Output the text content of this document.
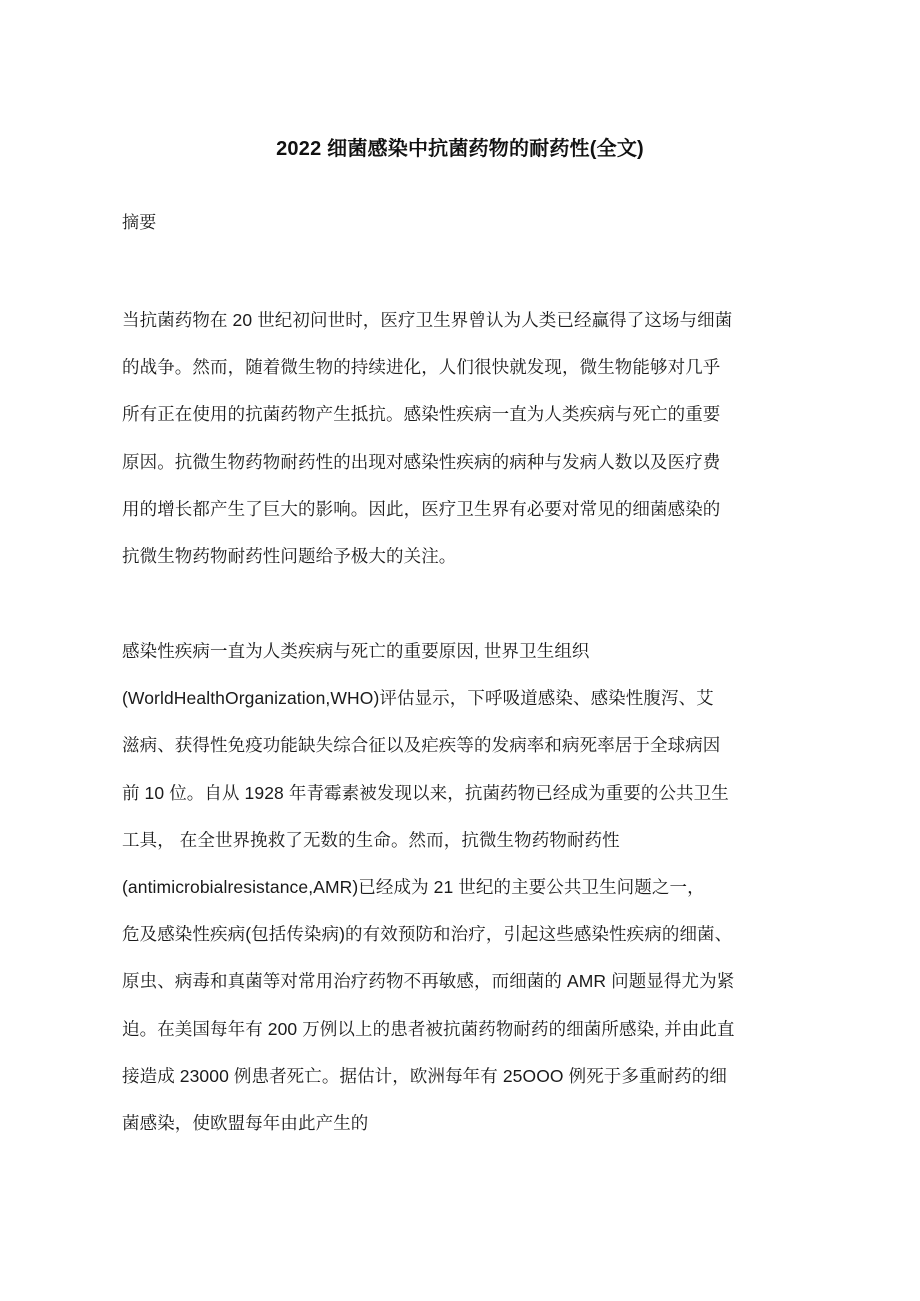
2022 细菌感染中抗菌药物的耐药性(全文)
摘要
当抗菌药物在 20 世纪初问世时，医疗卫生界曾认为人类已经赢得了这场与细菌
的战争。然而，随着微生物的持续进化，人们很快就发现，微生物能够对几乎
所有正在使用的抗菌药物产生抵抗。感染性疾病一直为人类疾病与死亡的重要
原因。抗微生物药物耐药性的出现对感染性疾病的病种与发病人数以及医疗费
用的增长都产生了巨大的影响。因此，医疗卫生界有必要对常见的细菌感染的
抗微生物药物耐药性问题给予极大的关注。
感染性疾病一直为人类疾病与死亡的重要原因, 世界卫生组织
(WorldHealthOrganization,WHO)评估显示，下呼吸道感染、感染性腹泻、艾
滋病、获得性免疫功能缺失综合征以及疟疾等的发病率和病死率居于全球病因
前 10 位。自从 1928 年青霉素被发现以来，抗菌药物已经成为重要的公共卫生
工具， 在全世界挽救了无数的生命。然而，抗微生物药物耐药性
(antimicrobialresistance,AMR)已经成为 21 世纪的主要公共卫生问题之一，
危及感染性疾病(包括传染病)的有效预防和治疗，引起这些感染性疾病的细菌、
原虫、病毒和真菌等对常用治疗药物不再敏感，而细菌的 AMR 问题显得尤为紧
迫。在美国每年有 200 万例以上的患者被抗菌药物耐药的细菌所感染, 并由此直
接造成 23000 例患者死亡。据估计，欧洲每年有 25OOO 例死于多重耐药的细
菌感染，使欧盟每年由此产生的
